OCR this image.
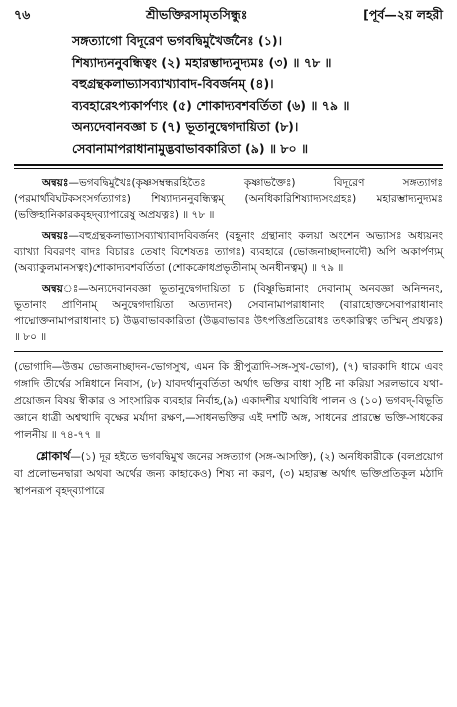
৭৬	শ্রীভক্তিরসামৃতসিন্ধুঃ	[পূর্ব—২য় লহরী
সঙ্গত্যাগো বিদূরেণ ভগবদ্বিমুখৈর্জনৈঃ (১)।
শিষ্যাদ্যননুবন্ধিত্বং (২) মহারম্ভাদ্যনুদ্যমঃ (৩) ॥ ৭৮ ॥
বহুগ্রন্থকলাভ্যাসব্যাখ্যাবাদ-বিবর্জনম্‌ (৪)।
ব্যবহারেঽপ্যকার্পণ্যং (৫) শোকাদ্যবশবর্তিতা (৬) ॥ ৭৯ ॥
অন্যদেবানবজ্ঞা চ (৭) ভূতানুদ্বেগদায়িতা (৮)।
সেবানামাপরাধানামুদ্ভবাভাবকারিতা (৯) ॥ ৮০ ॥

অন্বয়ঃ—ভগবদ্বিমুখৈঃ(কৃষ্ণসম্বন্ধরহিতৈঃ কৃষ্ণাভক্তৈঃ) বিদূরেণ সঙ্গত্যাগঃ (পরমার্থবিঘটকসংসর্গত্যাগঃ) শিষ্যাদ্যননুবন্ধিত্বম্‌ (অনধিকারিশিষ্যাদ্যসংগ্রহঃ) মহারম্ভাদ্যনুদ্যমঃ (ভক্তিহানিকারকবৃহদ্‌ব্যাপারেষু অপ্রযত্নঃ) ॥ ৭৮ ॥

অন্বয়ঃ—বহুগ্রন্থকলাভ্যাসব্যাখ্যাবাদবিবর্জনং (বহূনাং গ্রন্থানাং কলয়া অংশেন অভ্যাসঃ অধ্যয়নং ব্যাখ্যা বিবরণং বাদঃ বিচারঃ তেষাং বিশেষতঃ ত্যাগঃ) ব্যবহারে (ভোজনাচ্ছাদনাদৌ) অপি অকার্পণ্যম্‌ (অব্যাকুলমানসত্বং)শোকাদ্যবশবর্তিতা (শোকক্রোধপ্রভৃতীনাম্‌ অনধীনত্বম্‌) ॥ ৭৯ ॥

অন্বয়ঃ—অন্যদেবানবজ্ঞা ভূতানুদ্বেগদায়িতা চ (বিষ্ণুভিন্নানাং দেবানাম্‌ অনবজ্ঞা অনিন্দনং, ভূতানাং প্রাণিনাম্‌ অনুদ্বেগদায়িতা অত্যদানং) সেবানামাপরাধানাং (বারাহোক্তসেবাপরাধানাং পাদ্মোক্তনামাপরাধানাং চ) উদ্ভবাভাবকারিতা (উদ্ভবাভাবঃ উৎপত্তিপ্রতিরোধঃ তৎকারিত্বং তস্মিন্‌ প্রযত্নঃ) ॥ ৮০ ॥

(ভোগাদি—উত্তম ভোজনাচ্ছাদন-ভোগসুখ, এমন কি স্ত্রীপুত্রাদি-সঙ্গ-সুখ-ভোগ), (৭) দ্বারকাদি ধামে এবং গঙ্গাদি তীর্থের সন্নিধানে নিবাস, (৮) যাবদর্থানুবর্তিতা অর্থাৎ ভক্তির বাধা সৃষ্টি না করিয়া সরলভাবে যথা-প্রয়োজন বিষয় স্বীকার ও সাংসারিক ব্যবহার নির্বাহ,(৯) একাদশীর যথাবিধি পালন ও (১০) ভগবদ্‌-বিভূতি জ্ঞানে ধাত্রী অশ্বত্থাদি বৃক্ষের মর্যাদা রক্ষণ,—সাধনভক্তির এই দশটি অঙ্গ, সাধনের প্রারম্ভে ভক্তি-সাধকের পালনীয় ॥ ৭৪-৭৭ ॥

শ্লোকার্থ—(১) দূর হইতে ভগবদ্বিমুখ জনের সঙ্গত্যাগ (সঙ্গ-আসক্তি), (২) অনধিকারীকে (বলপ্রয়োগ বা প্রলোভনদ্বারা অথবা অর্থের জন্য কাহাকেও) শিষ্য না করণ, (৩) মহারম্ভ অর্থাৎ ভক্তিপ্রতিকূল মঠাদি স্থাপনরূপ বৃহদ্‌ব্যাপারে
